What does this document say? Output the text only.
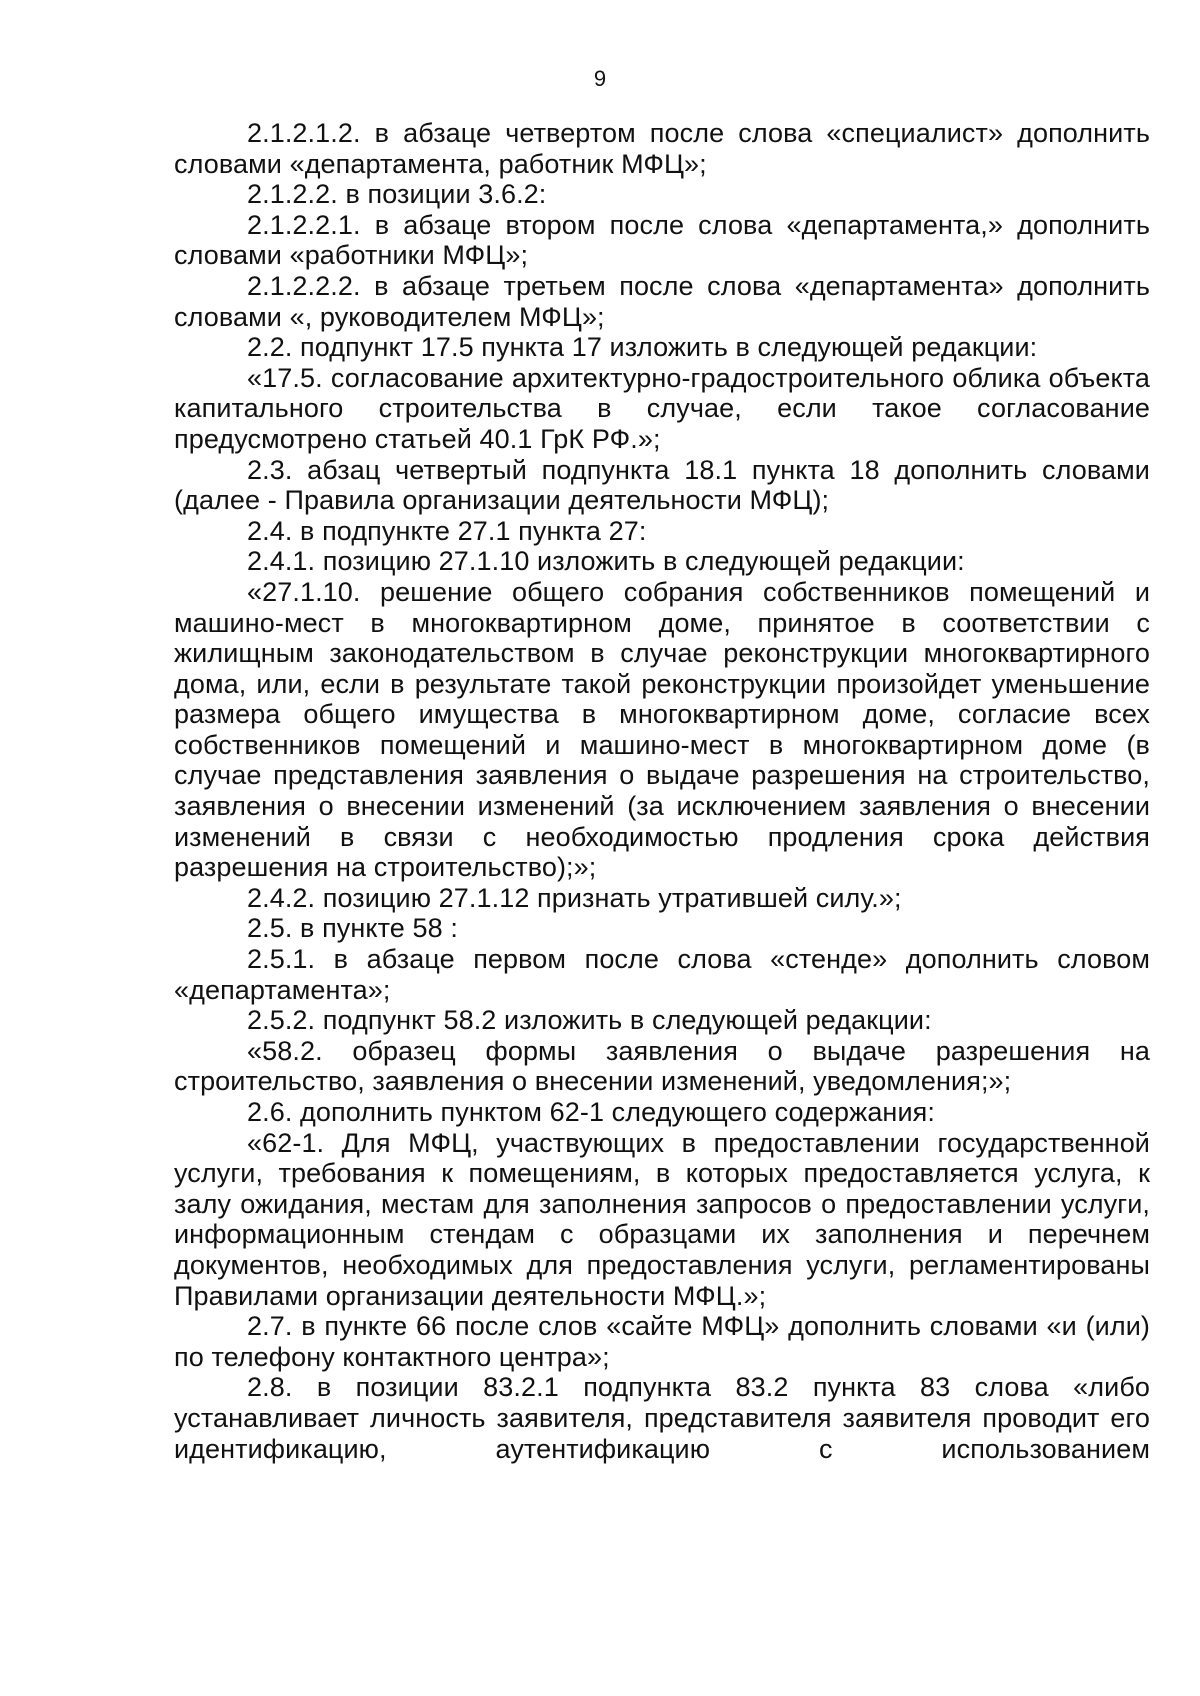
9

2.1.2.1.2. в абзаце четвертом после слова «специалист» дополнить словами «департамента, работник МФЦ»;

2.1.2.2. в позиции 3.6.2:

2.1.2.2.1. в абзаце втором после слова «департамента,» дополнить словами «работники МФЦ»;

2.1.2.2.2. в абзаце третьем после слова «департамента» дополнить словами «, руководителем МФЦ»;

2.2. подпункт 17.5 пункта 17 изложить в следующей редакции:

«17.5. согласование архитектурно-градостроительного облика объекта капитального строительства в случае, если такое согласование предусмотрено статьей 40.1 ГрК РФ.»;

2.3. абзац четвертый подпункта 18.1 пункта 18 дополнить словами (далее - Правила организации деятельности МФЦ);

2.4. в подпункте 27.1 пункта 27:

2.4.1. позицию 27.1.10 изложить в следующей редакции:

«27.1.10. решение общего собрания собственников помещений и машино-мест в многоквартирном доме, принятое в соответствии с жилищным законодательством в случае реконструкции многоквартирного дома, или, если в результате такой реконструкции произойдет уменьшение размера общего имущества в многоквартирном доме, согласие всех собственников помещений и машино-мест в многоквартирном доме (в случае представления заявления о выдаче разрешения на строительство, заявления о внесении изменений (за исключением заявления о внесении изменений в связи с необходимостью продления срока действия разрешения на строительство);»;

2.4.2. позицию 27.1.12 признать утратившей силу.»;

2.5. в пункте 58 :

2.5.1. в абзаце первом после слова «стенде» дополнить словом «департамента»;

2.5.2. подпункт 58.2 изложить в следующей редакции:

«58.2. образец формы заявления о выдаче разрешения на строительство, заявления о внесении изменений, уведомления;»;

2.6. дополнить пунктом 62-1 следующего содержания:

«62-1. Для МФЦ, участвующих в предоставлении государственной услуги, требования к помещениям, в которых предоставляется услуга, к залу ожидания, местам для заполнения запросов о предоставлении услуги, информационным стендам с образцами их заполнения и перечнем документов, необходимых для предоставления услуги, регламентированы Правилами организации деятельности МФЦ.»;

2.7. в пункте 66 после слов «сайте МФЦ» дополнить словами «и (или) по телефону контактного центра»;

2.8. в позиции 83.2.1 подпункта 83.2 пункта 83 слова «либо устанавливает личность заявителя, представителя заявителя проводит его идентификацию, аутентификацию с использованием
